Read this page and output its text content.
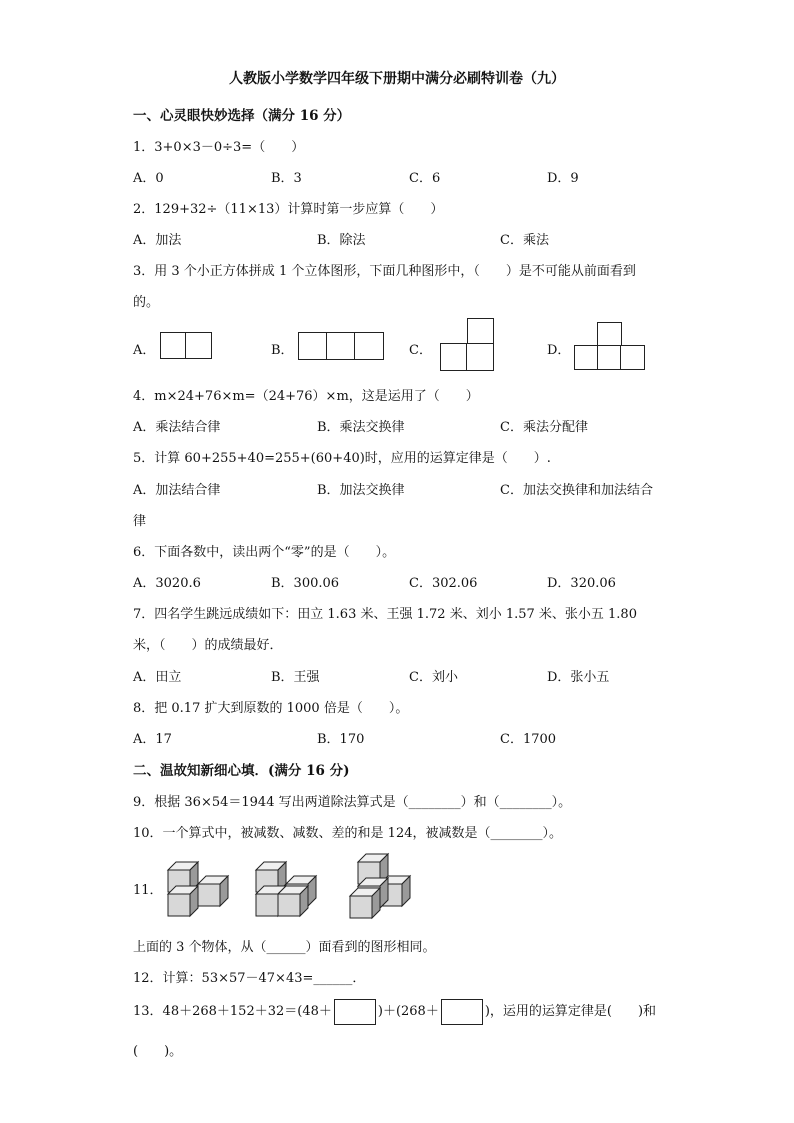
人教版小学数学四年级下册期中满分必刷特训卷（九）
一、心灵眼快妙选择（满分 16 分）
1．3+0×3－0÷3=（　　）
A．0	B．3	C．6	D．9
2．129+32÷（11×13）计算时第一步应算（　　）
A．加法	B．除法	C．乘法
3．用 3 个小正方体拼成 1 个立体图形，下面几种图形中，（　　）是不可能从前面看到
的。
A．	B．	C．	D．
4．m×24+76×m=（24+76）×m，这是运用了（　　）
A．乘法结合律	B．乘法交换律	C．乘法分配律
5．计算 60+255+40=255+(60+40)时，应用的运算定律是（　　）.
A．加法结合律	B．加法交换律	C．加法交换律和加法结合
律
6．下面各数中，读出两个“零”的是（　　）。
A．3020.6	B．300.06	C．302.06	D．320.06
7．四名学生跳远成绩如下：田立 1.63 米、王强 1.72 米、刘小 1.57 米、张小五 1.80
米，（　　）的成绩最好．
A．田立	B．王强	C．刘小	D．张小五
8．把 0.17 扩大到原数的 1000 倍是（　　）。
A．17	B．170	C．1700
二、温故知新细心填．(满分 16 分)
9．根据 36×54＝1944 写出两道除法算式是（________）和（________）。
10．一个算式中，被减数、减数、差的和是 124，被减数是（________）。
11．
上面的 3 个物体，从（______）面看到的图形相同。
12．计算：53×57－47×43=______．
13．48＋268＋152＋32＝(48＋	)＋(268＋	)，运用的运算定律是(　　)和
(　　)。
